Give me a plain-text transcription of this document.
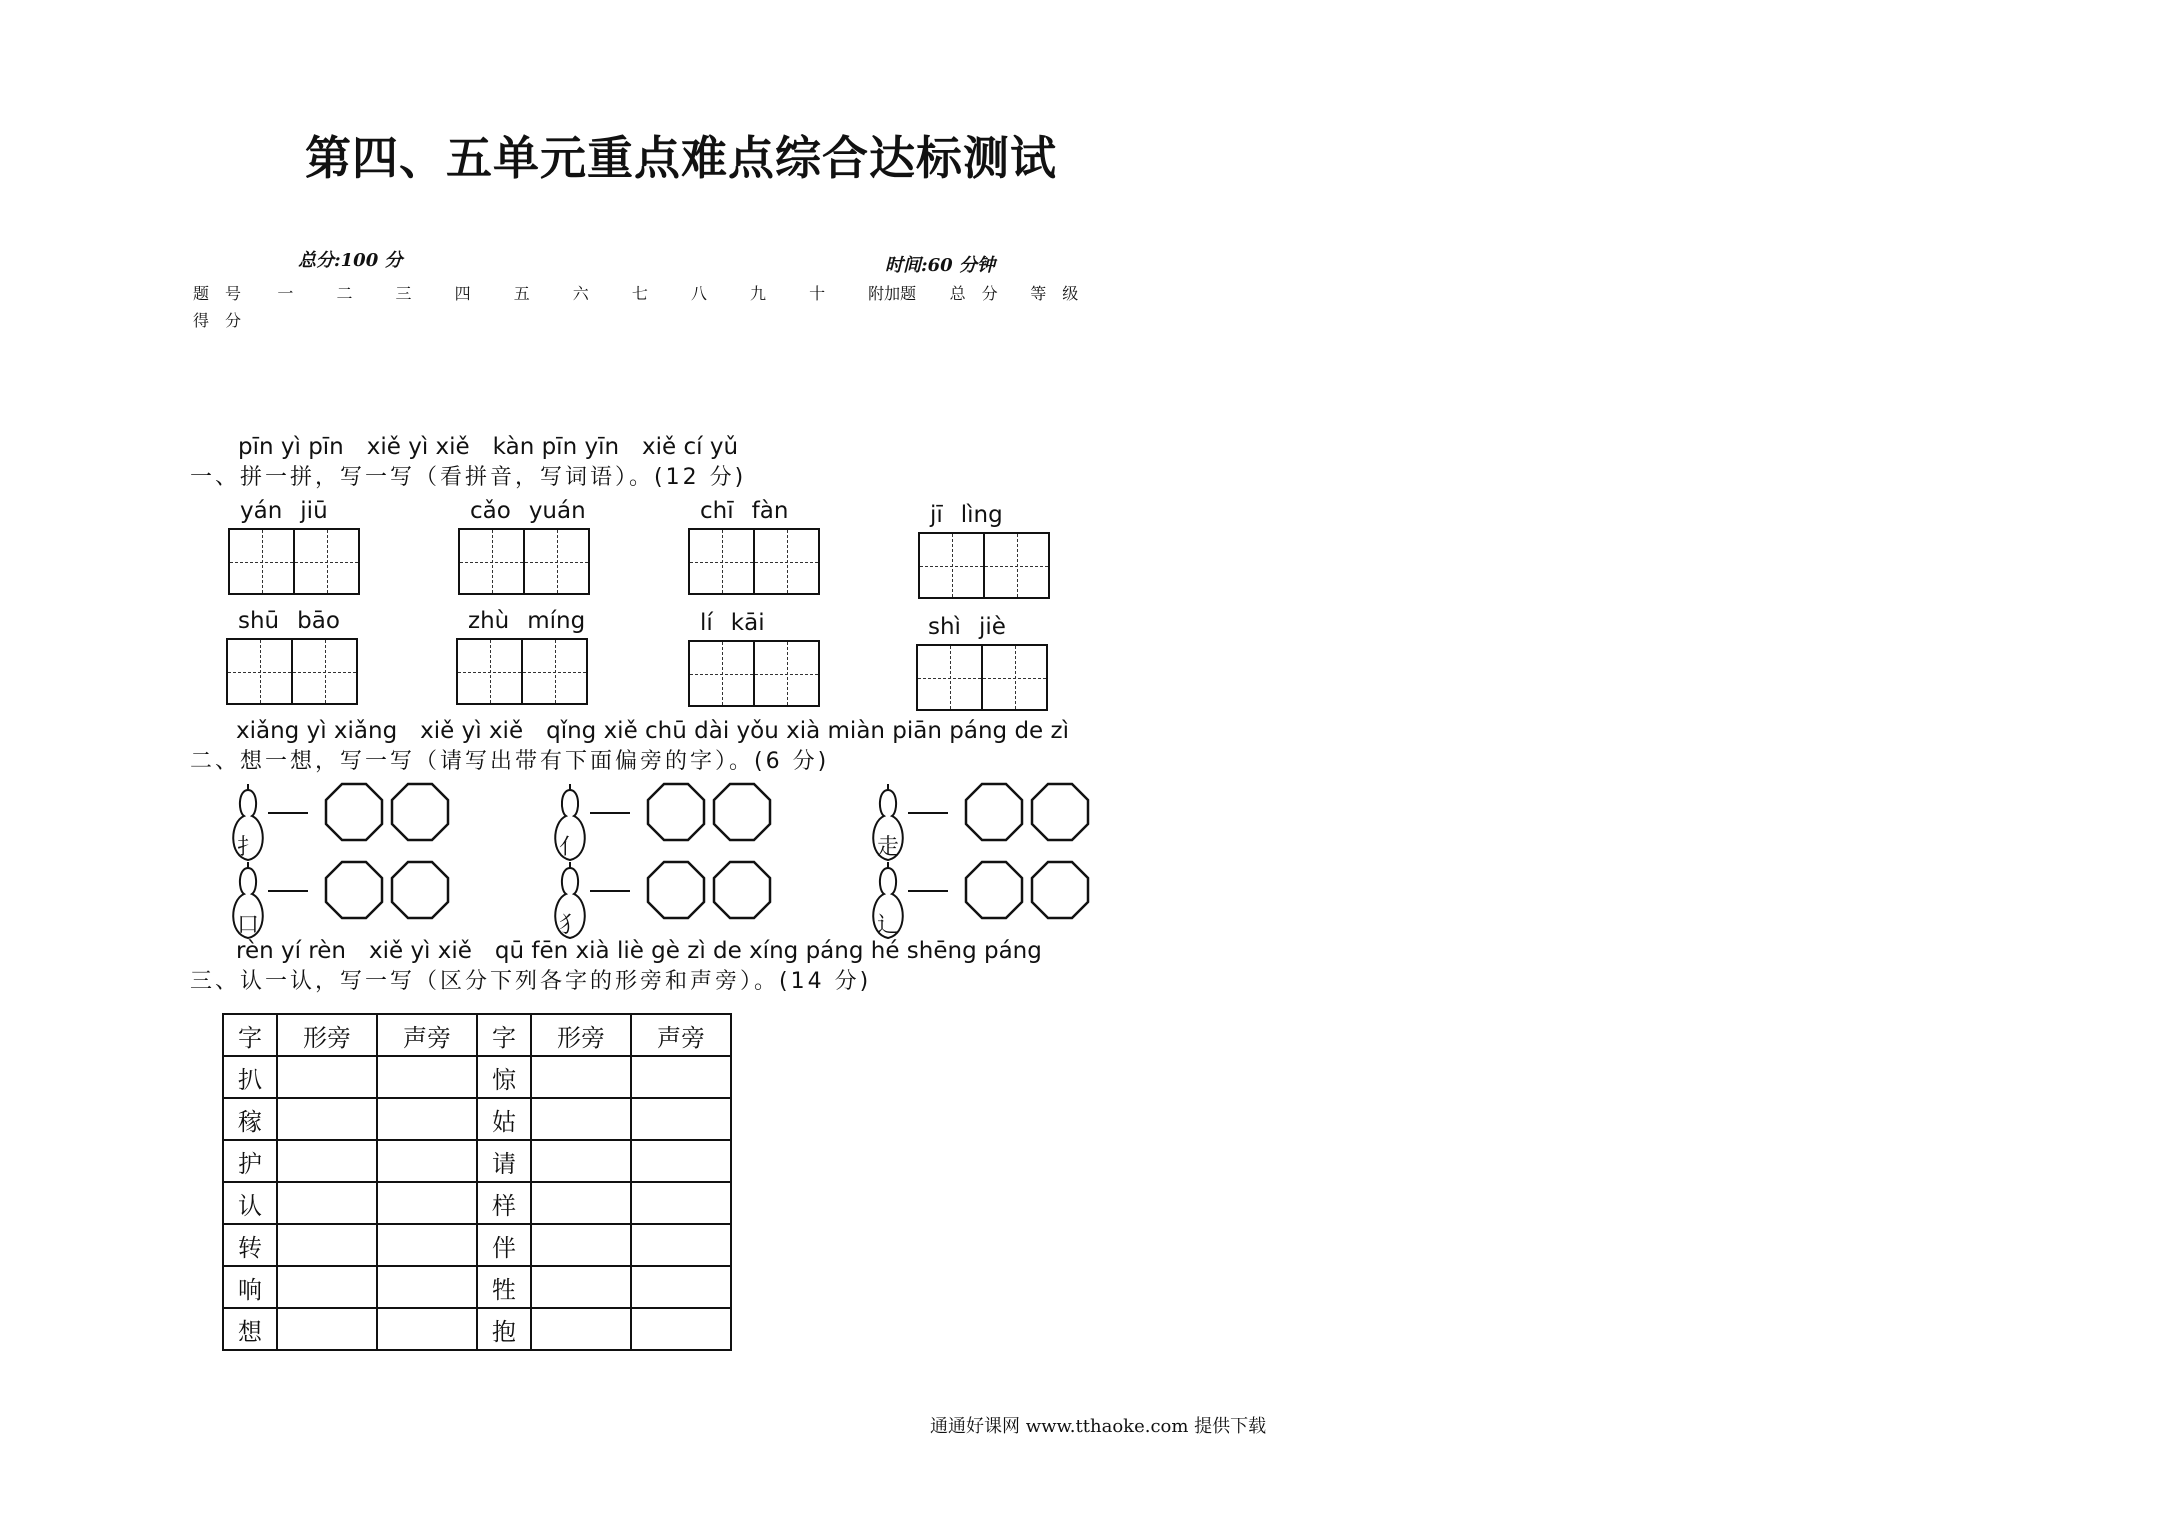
第四、五单元重点难点综合达标测试
总分:100 分	时间:60 分钟
题　号	一	二	三	四	五	六	七	八	九	十	附加题	总　分	等　级
得　分													
pīn yì pīn　xiě yì xiě　kàn pīn yīn　xiě cí yǔ
一、拼一拼，写一写（看拼音，写词语）。(12 分)
yán jiū	cǎo yuán	chī fàn	jī lìng
shū bāo	zhù míng	lí kāi	shì jiè
xiǎng yì xiǎng　xiě yì xiě　qǐng xiě chū dài yǒu xià miàn piān páng de zì
二、想一想，写一写（请写出带有下面偏旁的字）。(6 分)
扌	亻	走
口	犭	辶
rèn yí rèn　xiě yì xiě　qū fēn xià liè gè zì de xíng páng hé shēng páng
三、认一认，写一写（区分下列各字的形旁和声旁）。(14 分)
字	形旁	声旁	字	形旁	声旁
扒			惊		
稼			姑		
护			请		
认			样		
转			伴		
响			牲		
想			抱		
通通好课网 www.tthaoke.com 提供下载
